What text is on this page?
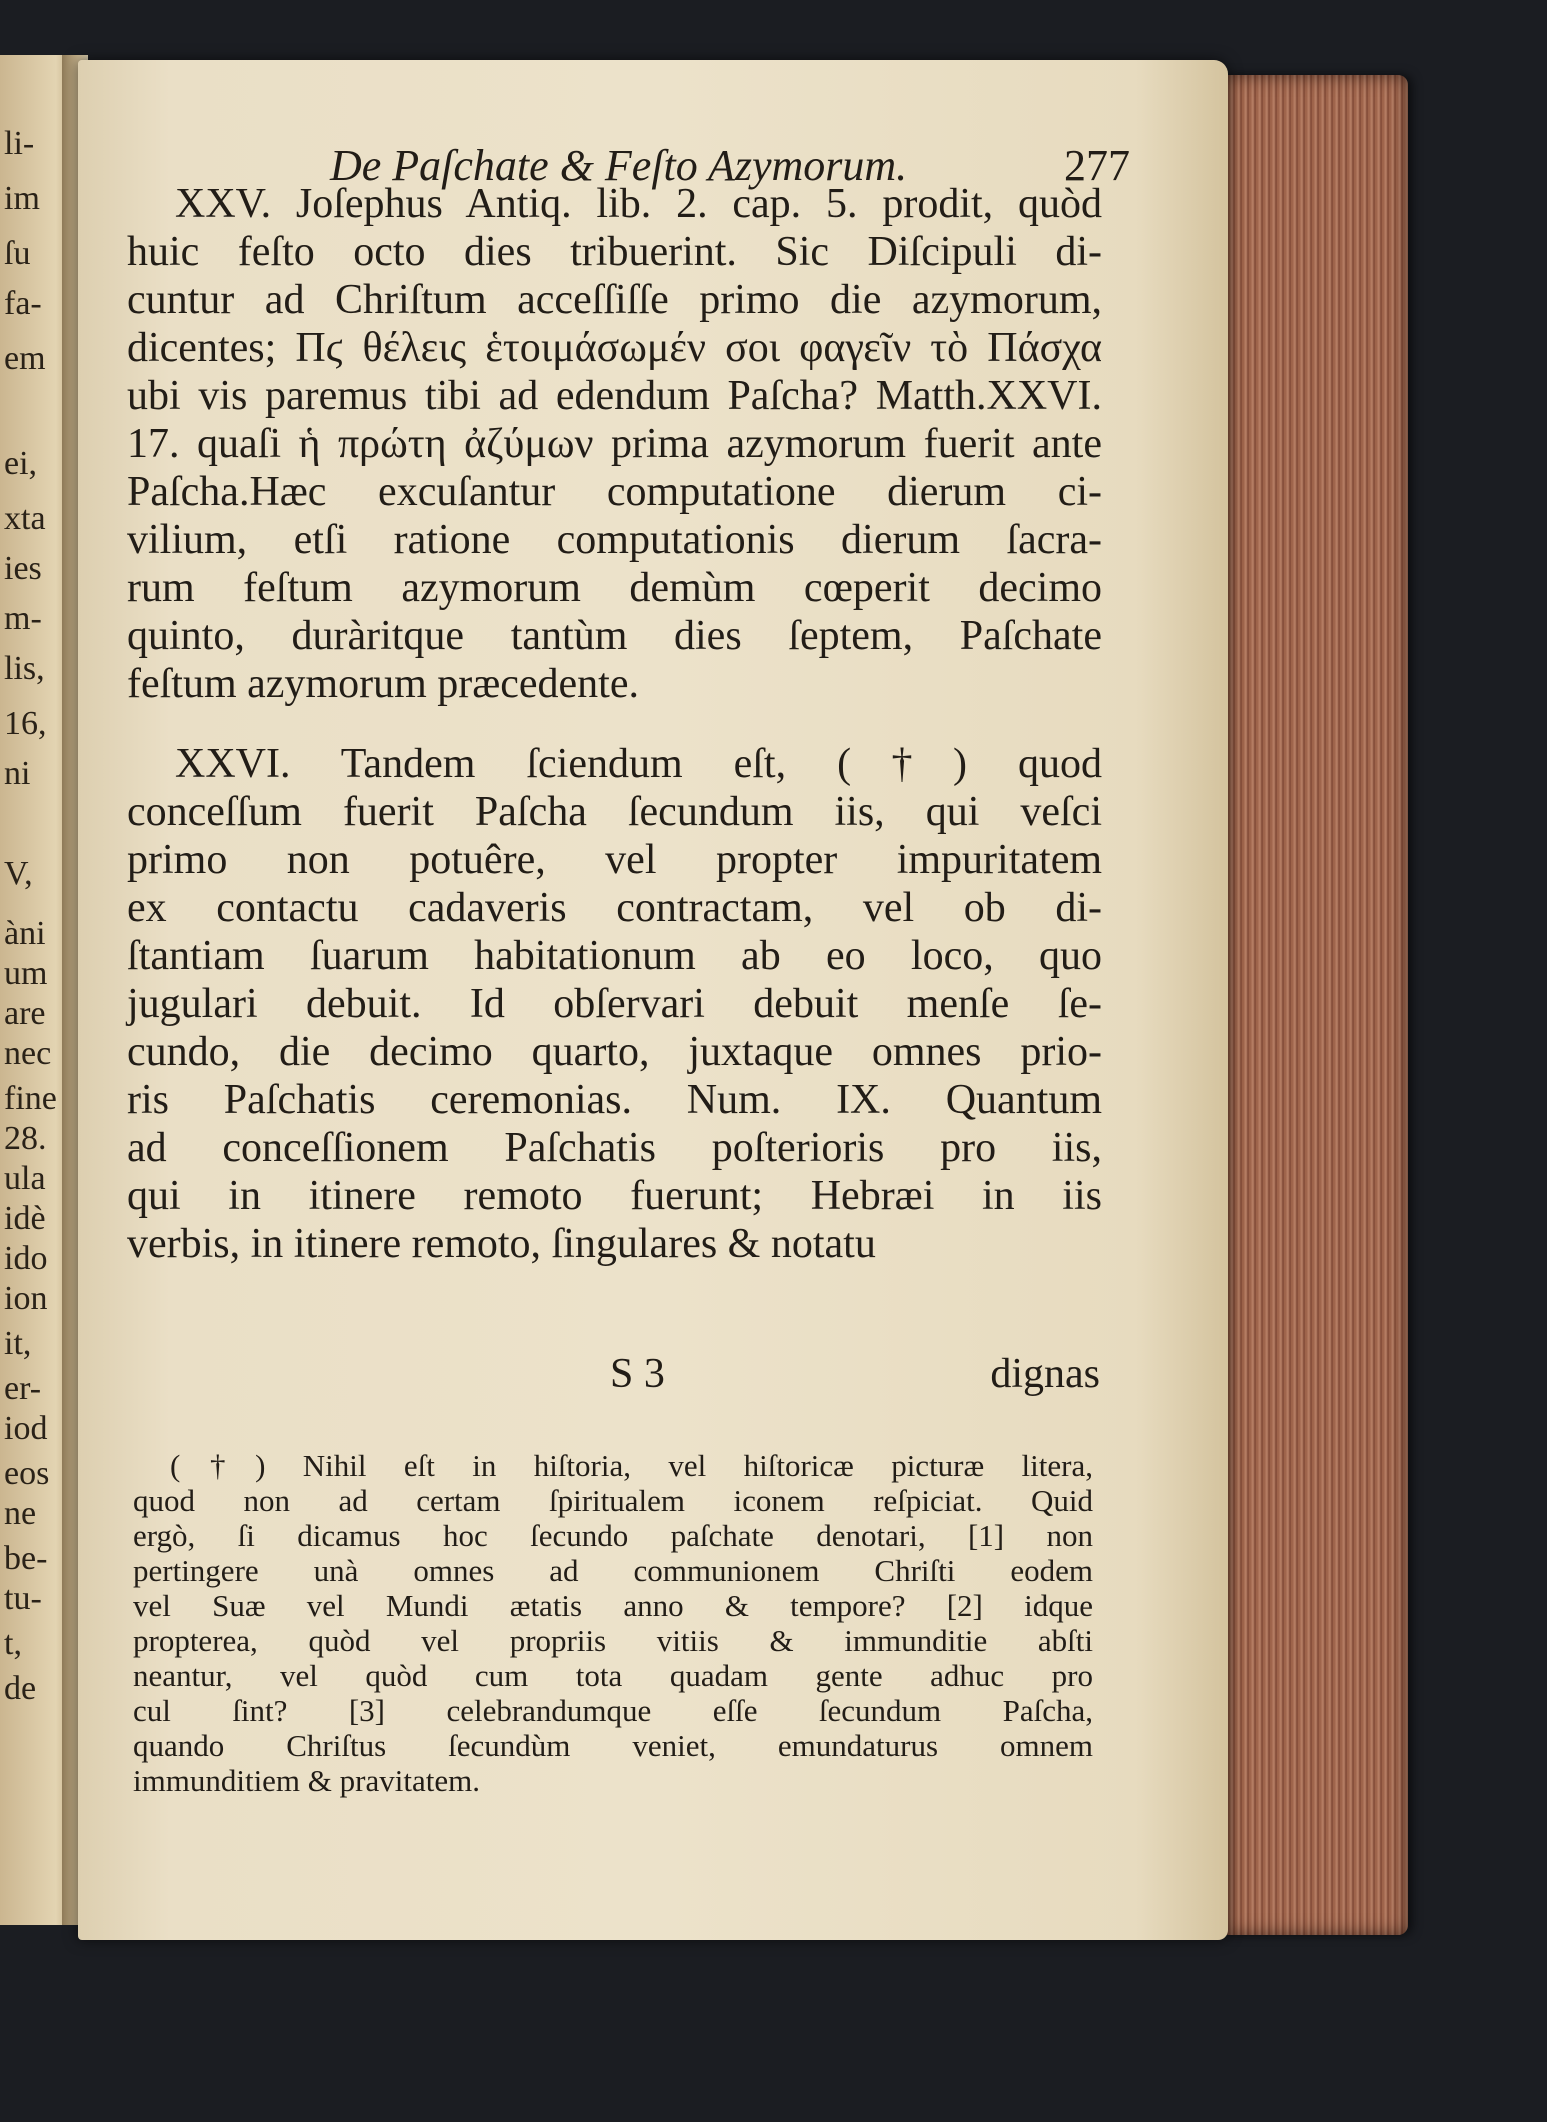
li-
im
ſu
fa-
em
ei,
xta
ies
m-
lis,
16,
ni
V,
àni
um
are
nec
fine
28.
ula
idè
ido
ion
it,
er-
iod
eos
ne
be-
tu-
t,
de
De Paſchate & Feſto Azymorum.	277
XXV. Joſephus Antiq. lib. 2. cap. 5. prodit, quòd
huic feſto octo dies tribuerint. Sic Diſcipuli di-
cuntur ad Chriſtum acceſſiſſe primo die azymorum,
dicentes; Πϛ θέλεις ἑτοιμάσωμέν σοι φαγεῖν τὸ Πάσχα
ubi vis paremus tibi ad edendum Paſcha? Matth.XXVI.
17. quaſi ἡ πρώτη ἀζύμων prima azymorum fuerit ante
Paſcha.Hæc excuſantur computatione dierum ci-
vilium, etſi ratione computationis dierum ſacra-
rum feſtum azymorum demùm cœperit decimo
quinto, duràritque tantùm dies ſeptem, Paſchate
feſtum azymorum præcedente.
XXVI. Tandem ſciendum eſt, (†) quod
conceſſum fuerit Paſcha ſecundum iis, qui veſci
primo non potuêre, vel propter impuritatem
ex contactu cadaveris contractam, vel ob di-
ſtantiam ſuarum habitationum ab eo loco, quo
jugulari debuit. Id obſervari debuit menſe ſe-
cundo, die decimo quarto, juxtaque omnes prio-
ris Paſchatis ceremonias. Num. IX. Quantum
ad conceſſionem Paſchatis poſterioris pro iis,
qui in itinere remoto fuerunt; Hebræi in iis
verbis, in itinere remoto, ſingulares & notatu
S 3	dignas
(†) Nihil eſt in hiſtoria, vel hiſtoricæ picturæ litera,
quod non ad certam ſpiritualem iconem reſpiciat. Quid
ergò, ſi dicamus hoc ſecundo paſchate denotari, [1] non
pertingere unà omnes ad communionem Chriſti eodem
vel Suæ vel Mundi ætatis anno & tempore? [2] idque
propterea, quòd vel propriis vitiis & immunditie abſti
neantur, vel quòd cum tota quadam gente adhuc pro
cul ſint? [3] celebrandumque eſſe ſecundum Paſcha,
quando Chriſtus ſecundùm veniet, emundaturus omnem
immunditiem & pravitatem.
